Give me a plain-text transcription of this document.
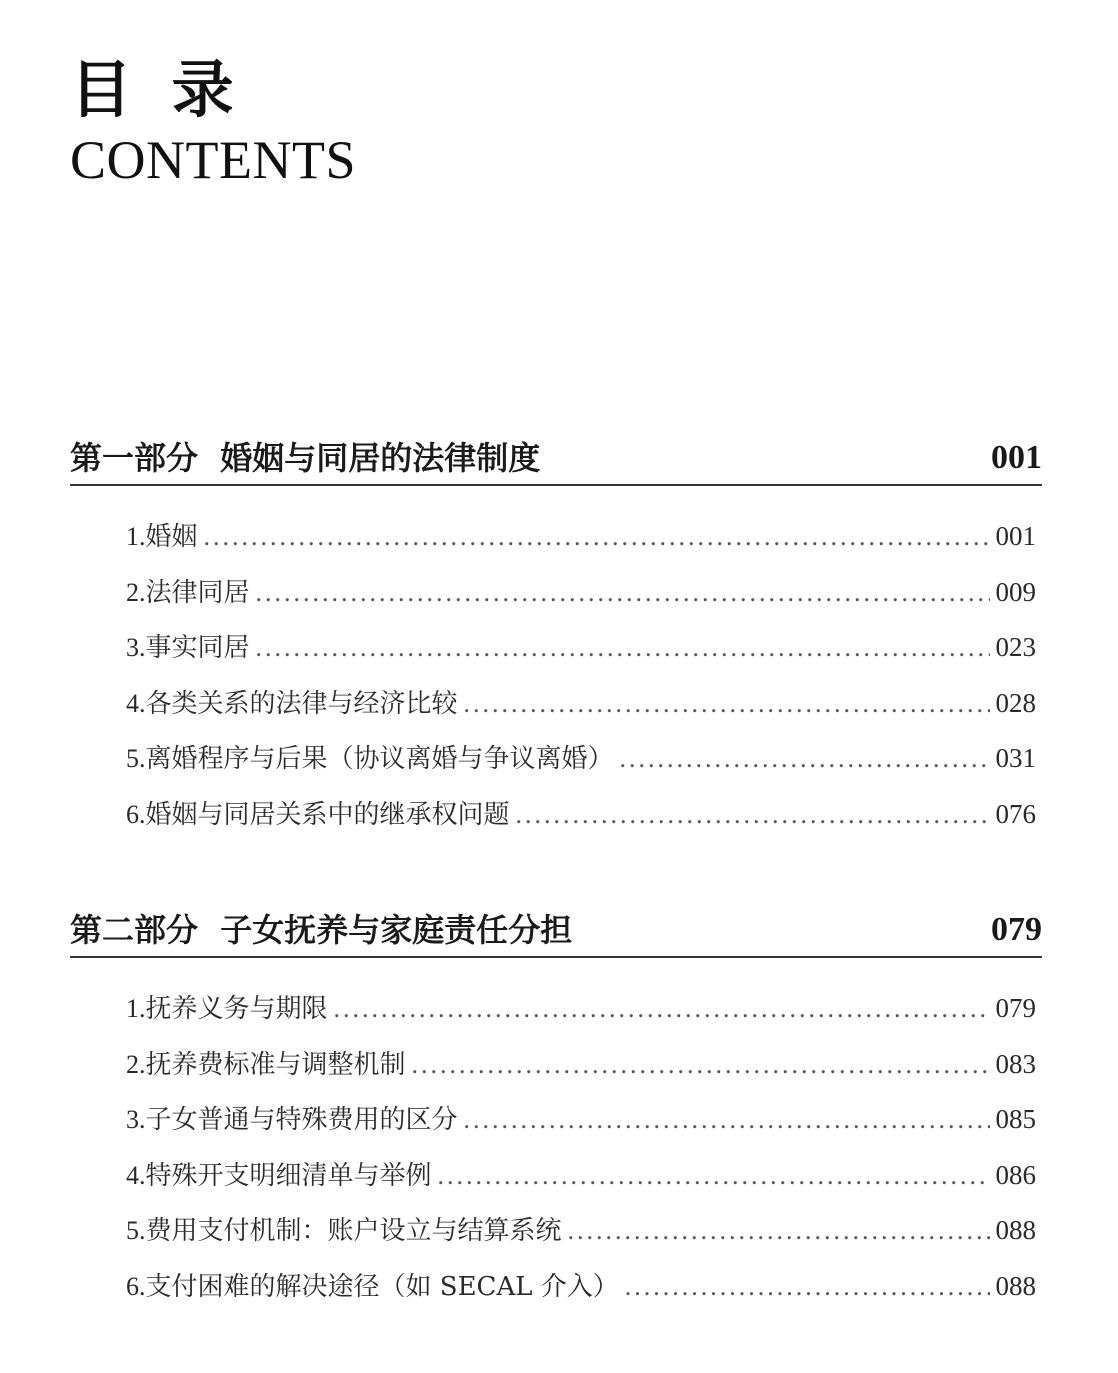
目 录
CONTENTS
第一部分  婚姻与同居的法律制度	001
1. 婚姻 .....	001
2. 法律同居 .....	009
3. 事实同居 .....	023
4. 各类关系的法律与经济比较 .....	028
5. 离婚程序与后果（协议离婚与争议离婚） .....	031
6. 婚姻与同居关系中的继承权问题 .....	076
第二部分  子女抚养与家庭责任分担	079
1. 抚养义务与期限 .....	079
2. 抚养费标准与调整机制 .....	083
3. 子女普通与特殊费用的区分 .....	085
4. 特殊开支明细清单与举例 .....	086
5. 费用支付机制：账户设立与结算系统 .....	088
6. 支付困难的解决途径（如 SECAL 介入） .....	088
